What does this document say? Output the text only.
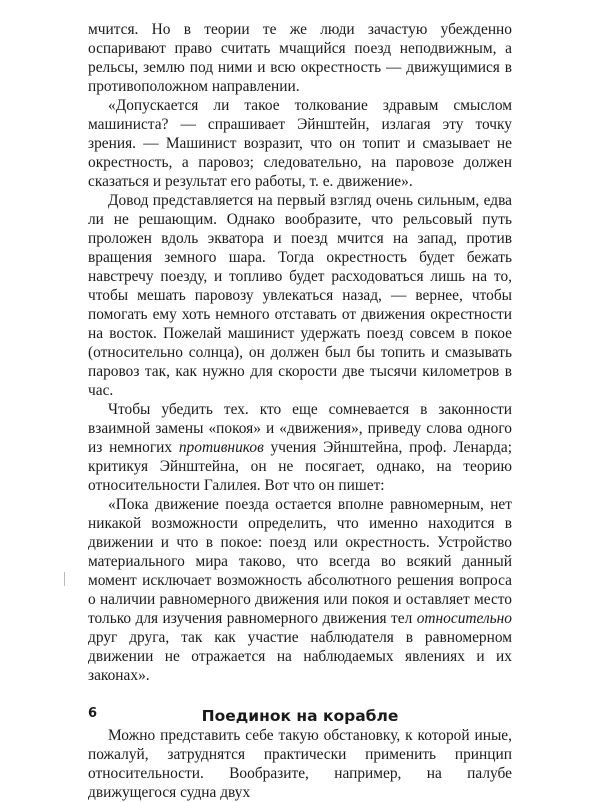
мчится. Но в теории те же люди зачастую убежденно оспаривают право считать мчащийся поезд неподвижным, а рельсы, землю под ними и всю окрестность — движущимися в противоположном направлении.

«Допускается ли такое толкование здравым смыслом машиниста? — спрашивает Эйнштейн, излагая эту точку зрения. — Машинист возразит, что он топит и смазывает не окрестность, а паровоз; следовательно, на паровозе должен сказаться и результат его работы, т. е. движение».

Довод представляется на первый взгляд очень сильным, едва ли не решающим. Однако вообразите, что рельсовый путь проложен вдоль экватора и поезд мчится на запад, против вращения земного шара. Тогда окрестность будет бежать навстречу поезду, и топливо будет расходоваться лишь на то, чтобы мешать паровозу увлекаться назад, — вернее, чтобы помогать ему хоть немного отставать от движения окрестности на восток. Пожелай машинист удержать поезд совсем в покое (относительно солнца), он должен был бы топить и смазывать паровоз так, как нужно для скорости две тысячи километров в час.

Чтобы убедить тех. кто еще сомневается в законности взаимной замены «покоя» и «движения», приведу слова одного из немногих противников учения Эйнштейна, проф. Ленарда; критикуя Эйнштейна, он не посягает, однако, на теорию относительности Галилея. Вот что он пишет:

«Пока движение поезда остается вполне равномерным, нет никакой возможности определить, что именно находится в движении и что в покое: поезд или окрестность. Устройство материального мира таково, что всегда во всякий данный момент исключает возможность абсолютного решения вопроса о наличии равномерного движения или покоя и оставляет место только для изучения равномерного движения тел относительно друг друга, так как участие наблюдателя в равномерном движении не отражается на наблюдаемых явлениях и их законах».

Поединок на корабле

Можно представить себе такую обстановку, к которой иные, пожалуй, затруднятся практически применить принцип относительности. Вообразите, например, на палубе движущегося судна двух

6
